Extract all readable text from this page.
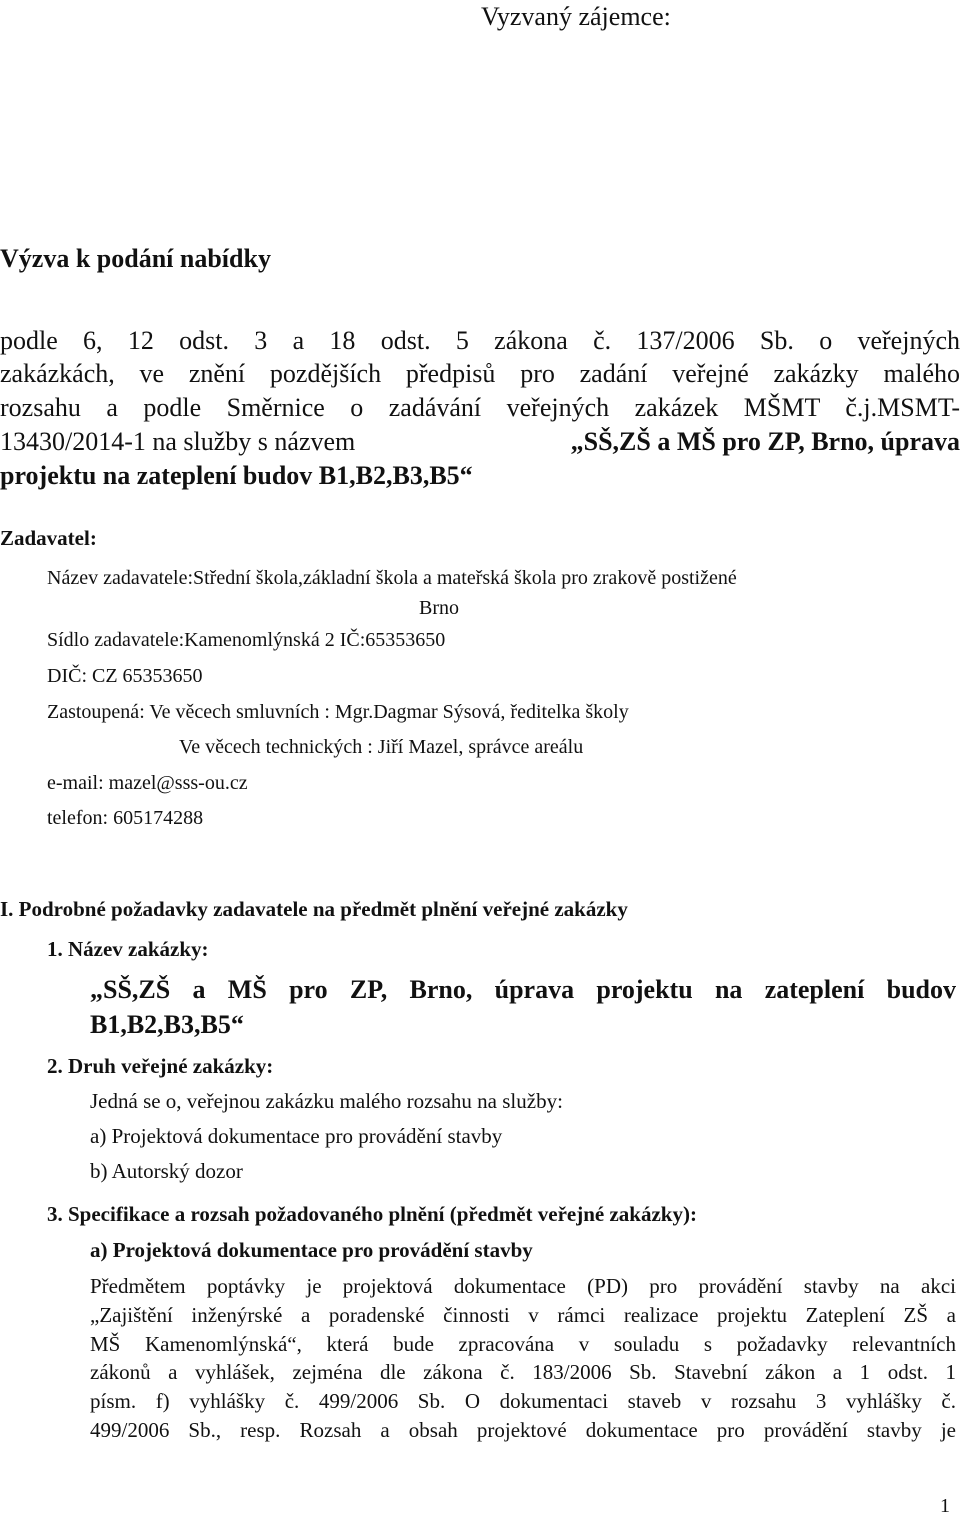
Vyzvaný zájemce:
Výzva k podání nabídky
podle 6, 12 odst. 3 a 18 odst. 5 zákona č. 137/2006 Sb. o veřejných
zakázkách, ve znění pozdějších předpisů pro zadání veřejné zakázky malého
rozsahu a podle Směrnice o zadávání veřejných zakázek MŠMT č.j.MSMT-
13430/2014-1 na služby s názvem	„SŠ,ZŠ a MŠ pro ZP, Brno, úprava
projektu na zateplení budov B1,B2,B3,B5“
Zadavatel:
Název zadavatele:Střední škola,základní škola a mateřská škola pro zrakově postižené
Brno
Sídlo zadavatele:Kamenomlýnská 2 IČ:65353650
DIČ: CZ 65353650
Zastoupená: Ve věcech smluvních : Mgr.Dagmar Sýsová, ředitelka školy
Ve věcech technických : Jiří Mazel, správce areálu
e-mail: mazel@sss-ou.cz
telefon: 605174288
I. Podrobné požadavky zadavatele na předmět plnění veřejné zakázky
1. Název zakázky:
„SŠ,ZŠ a MŠ pro ZP, Brno, úprava projektu na zateplení budov
B1,B2,B3,B5“
2. Druh veřejné zakázky:
Jedná se o, veřejnou zakázku malého rozsahu na služby:
a) Projektová dokumentace pro provádění stavby
b) Autorský dozor
3. Specifikace a rozsah požadovaného plnění (předmět veřejné zakázky):
a) Projektová dokumentace pro provádění stavby
Předmětem poptávky je projektová dokumentace (PD) pro provádění stavby na akci
„Zajištění inženýrské a poradenské činnosti v rámci realizace projektu Zateplení ZŠ a
MŠ Kamenomlýnská“, která bude zpracována v souladu s požadavky relevantních
zákonů a vyhlášek, zejména dle zákona č. 183/2006 Sb. Stavební zákon a 1 odst. 1
písm. f) vyhlášky č. 499/2006 Sb. O dokumentaci staveb v rozsahu 3 vyhlášky č.
499/2006 Sb., resp. Rozsah a obsah projektové dokumentace pro provádění stavby je
1
